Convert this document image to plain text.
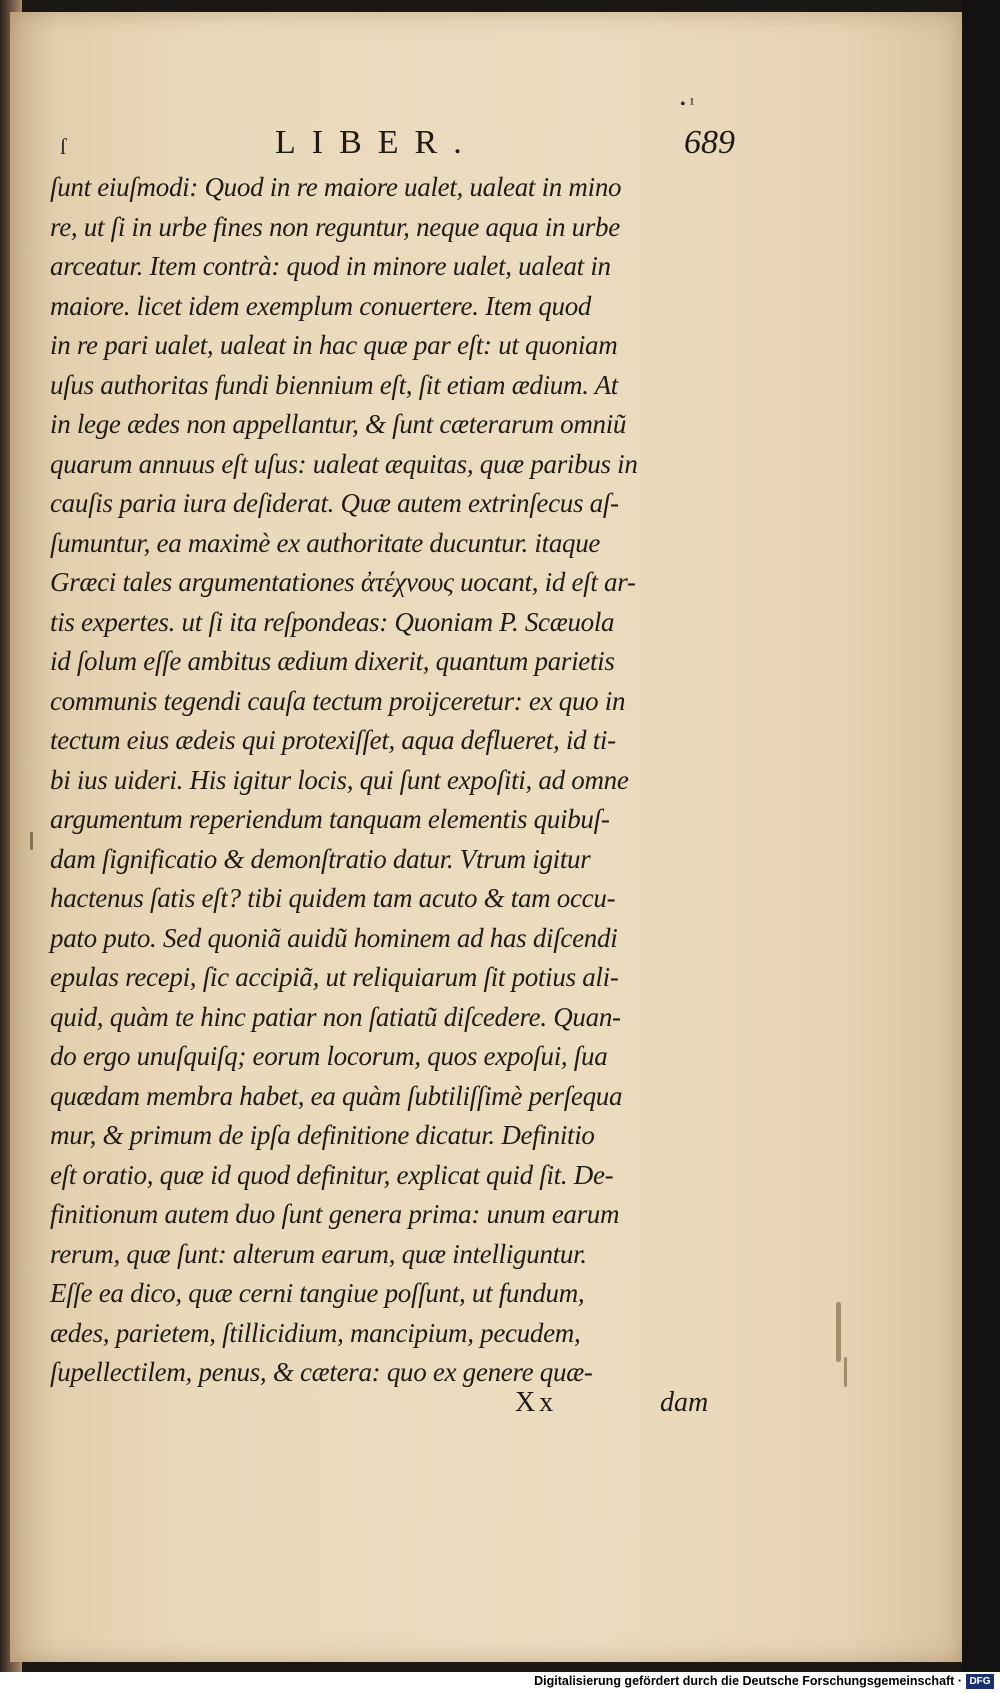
ſ	LIBER.	689
• ¹
ſunt eiuſmodi: Quod in re maiore ualet, ualeat in mino
re, ut ſi in urbe fines non reguntur, neque aqua in urbe
arceatur. Item contrà: quod in minore ualet, ualeat in
maiore. licet idem exemplum conuertere. Item quod
in re pari ualet, ualeat in hac quæ par eſt: ut quoniam
uſus authoritas fundi biennium eſt, ſit etiam ædium. At
in lege ædes non appellantur, & ſunt cæterarum omniũ
quarum annuus eſt uſus: ualeat æquitas, quæ paribus in
cauſis paria iura deſiderat. Quæ autem extrinſecus aſ-
ſumuntur, ea maximè ex authoritate ducuntur. itaque
Græci tales argumentationes ἀτέχνους uocant, id eſt ar-
tis expertes. ut ſi ita reſpondeas: Quoniam P. Scæuola
id ſolum eſſe ambitus ædium dixerit, quantum parietis
communis tegendi cauſa tectum proijceretur: ex quo in
tectum eius ædeis qui protexiſſet, aqua deflueret, id ti-
bi ius uideri. His igitur locis, qui ſunt expoſiti, ad omne
argumentum reperiendum tanquam elementis quibuſ-
dam ſignificatio & demonſtratio datur. Vtrum igitur
hactenus ſatis eſt? tibi quidem tam acuto & tam occu-
pato puto. Sed quoniã auidũ hominem ad has diſcendi
epulas recepi, ſic accipiã, ut reliquiarum ſit potius ali-
quid, quàm te hinc patiar non ſatiatũ diſcedere. Quan-
do ergo unuſquiſq; eorum locorum, quos expoſui, ſua
quædam membra habet, ea quàm ſubtiliſſimè perſequa
mur, & primum de ipſa definitione dicatur. Definitio
eſt oratio, quæ id quod definitur, explicat quid ſit. De-
finitionum autem duo ſunt genera prima: unum earum
rerum, quæ ſunt: alterum earum, quæ intelliguntur.
Eſſe ea dico, quæ cerni tangiue poſſunt, ut fundum,
ædes, parietem, ſtillicidium, mancipium, pecudem,
ſupellectilem, penus, & cætera: quo ex genere quæ-
Xx	dam
Digitalisierung gefördert durch die Deutsche Forschungsgemeinschaft · DFG
